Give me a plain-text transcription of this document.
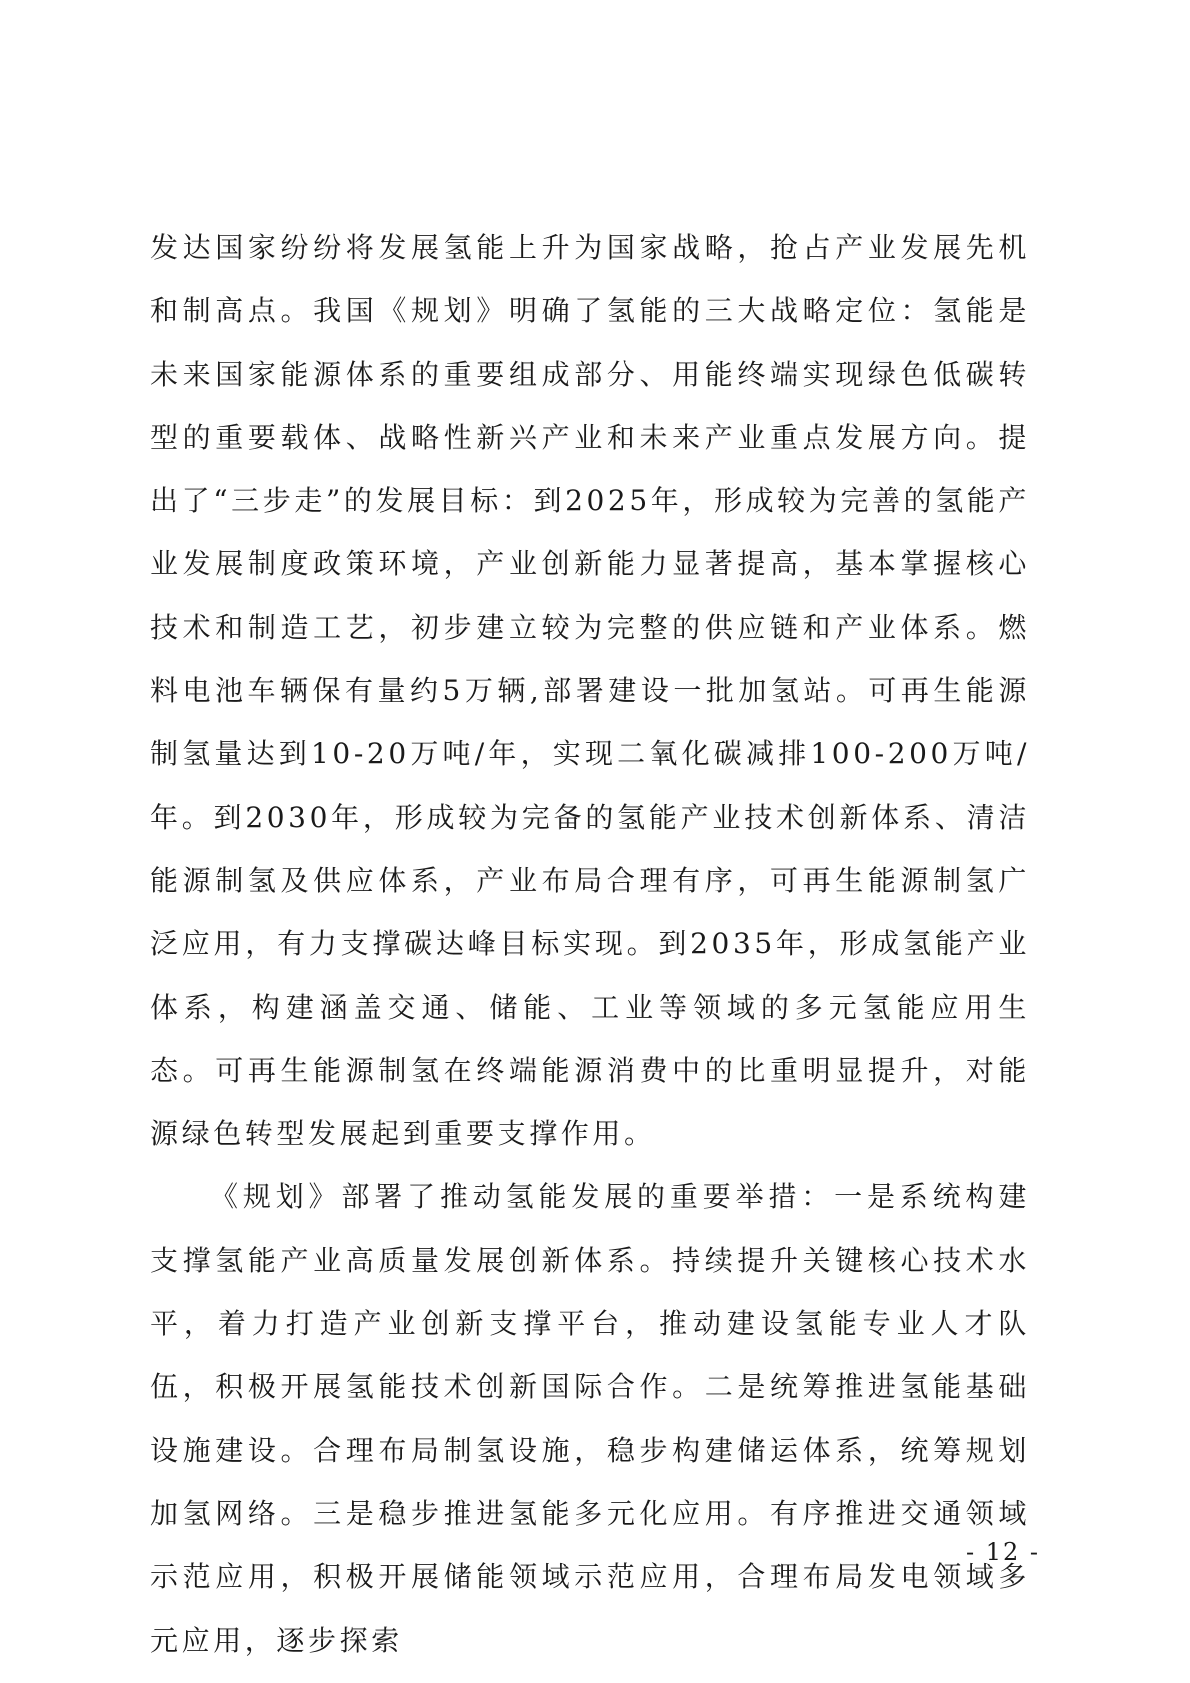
发达国家纷纷将发展氢能上升为国家战略，抢占产业发展先机和制高点。我国《规划》明确了氢能的三大战略定位：氢能是未来国家能源体系的重要组成部分、用能终端实现绿色低碳转型的重要载体、战略性新兴产业和未来产业重点发展方向。提出了“三步走”的发展目标：到2025年，形成较为完善的氢能产业发展制度政策环境，产业创新能力显著提高，基本掌握核心技术和制造工艺，初步建立较为完整的供应链和产业体系。燃料电池车辆保有量约5万辆,部署建设一批加氢站。可再生能源制氢量达到10-20万吨/年，实现二氧化碳减排100-200万吨/年。到2030年，形成较为完备的氢能产业技术创新体系、清洁能源制氢及供应体系，产业布局合理有序，可再生能源制氢广泛应用，有力支撑碳达峰目标实现。到2035年，形成氢能产业体系，构建涵盖交通、储能、工业等领域的多元氢能应用生态。可再生能源制氢在终端能源消费中的比重明显提升，对能源绿色转型发展起到重要支撑作用。

《规划》部署了推动氢能发展的重要举措：一是系统构建支撑氢能产业高质量发展创新体系。持续提升关键核心技术水平，着力打造产业创新支撑平台，推动建设氢能专业人才队伍，积极开展氢能技术创新国际合作。二是统筹推进氢能基础设施建设。合理布局制氢设施，稳步构建储运体系，统筹规划加氢网络。三是稳步推进氢能多元化应用。有序推进交通领域示范应用，积极开展储能领域示范应用，合理布局发电领域多元应用，逐步探索

- 12 -
